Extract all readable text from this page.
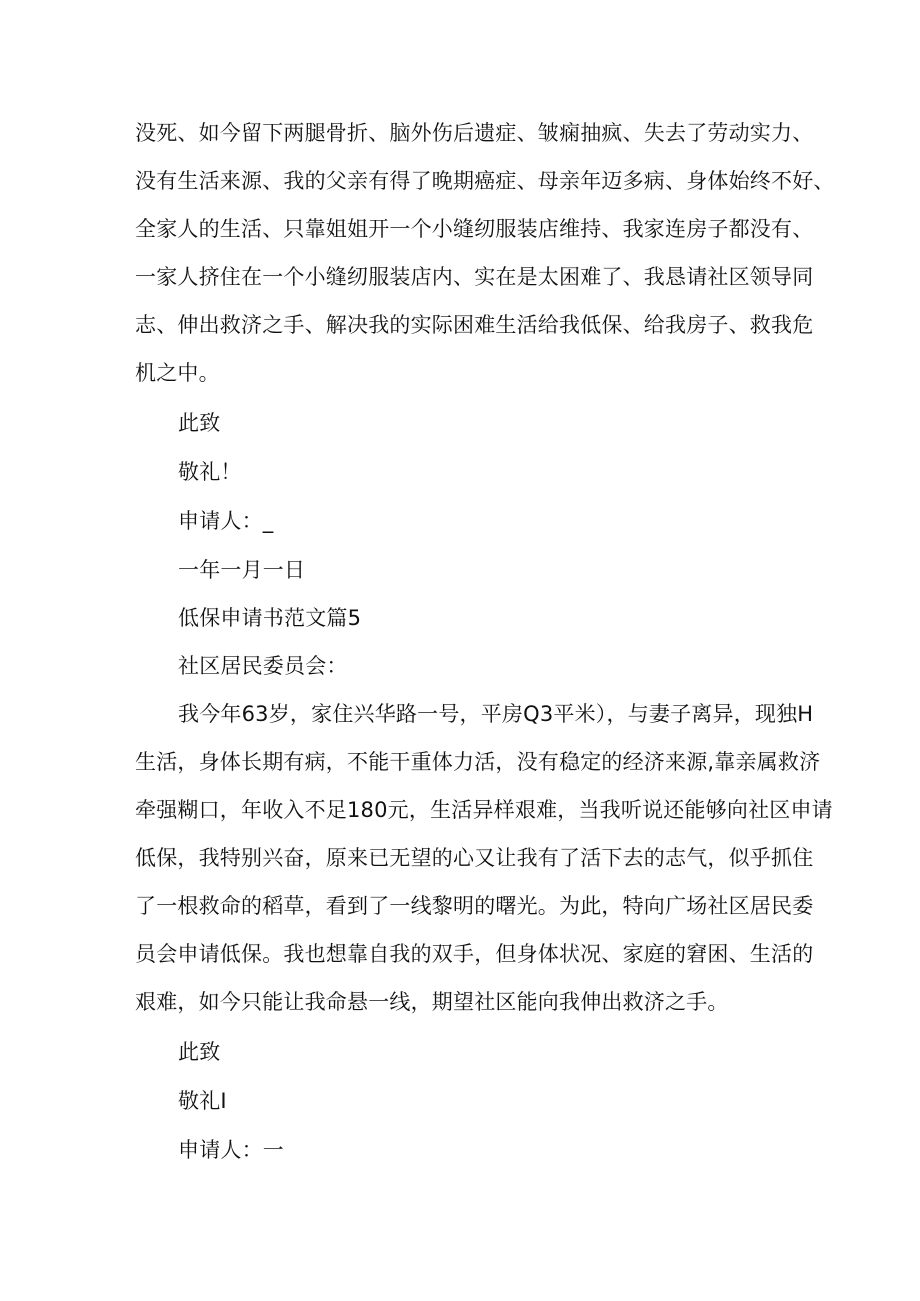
没死、如今留下两腿骨折、脑外伤后遗症、皱痫抽疯、失去了劳动实力、
没有生活来源、我的父亲有得了晚期癌症、母亲年迈多病、身体始终不好、
全家人的生活、只靠姐姐开一个小缝纫服装店维持、我家连房子都没有、
一家人挤住在一个小缝纫服装店内、实在是太困难了、我恳请社区领导同
志、伸出救济之手、解决我的实际困难生活给我低保、给我房子、救我危
机之中。
此致
敬礼！
申请人：_
一年一月一日
低保申请书范文篇5
社区居民委员会：
我今年63岁，家住兴华路一号，平房Q3平米），与妻子离异，现独H
生活，身体长期有病，不能干重体力活，没有稳定的经济来源,靠亲属救济
牵强糊口，年收入不足180元，生活异样艰难，当我听说还能够向社区申请
低保，我特别兴奋，原来已无望的心又让我有了活下去的志气，似乎抓住
了一根救命的稻草，看到了一线黎明的曙光。为此，特向广场社区居民委
员会申请低保。我也想靠自我的双手，但身体状况、家庭的窘困、生活的
艰难，如今只能让我命悬一线，期望社区能向我伸出救济之手。
此致
敬礼I
申请人：一
